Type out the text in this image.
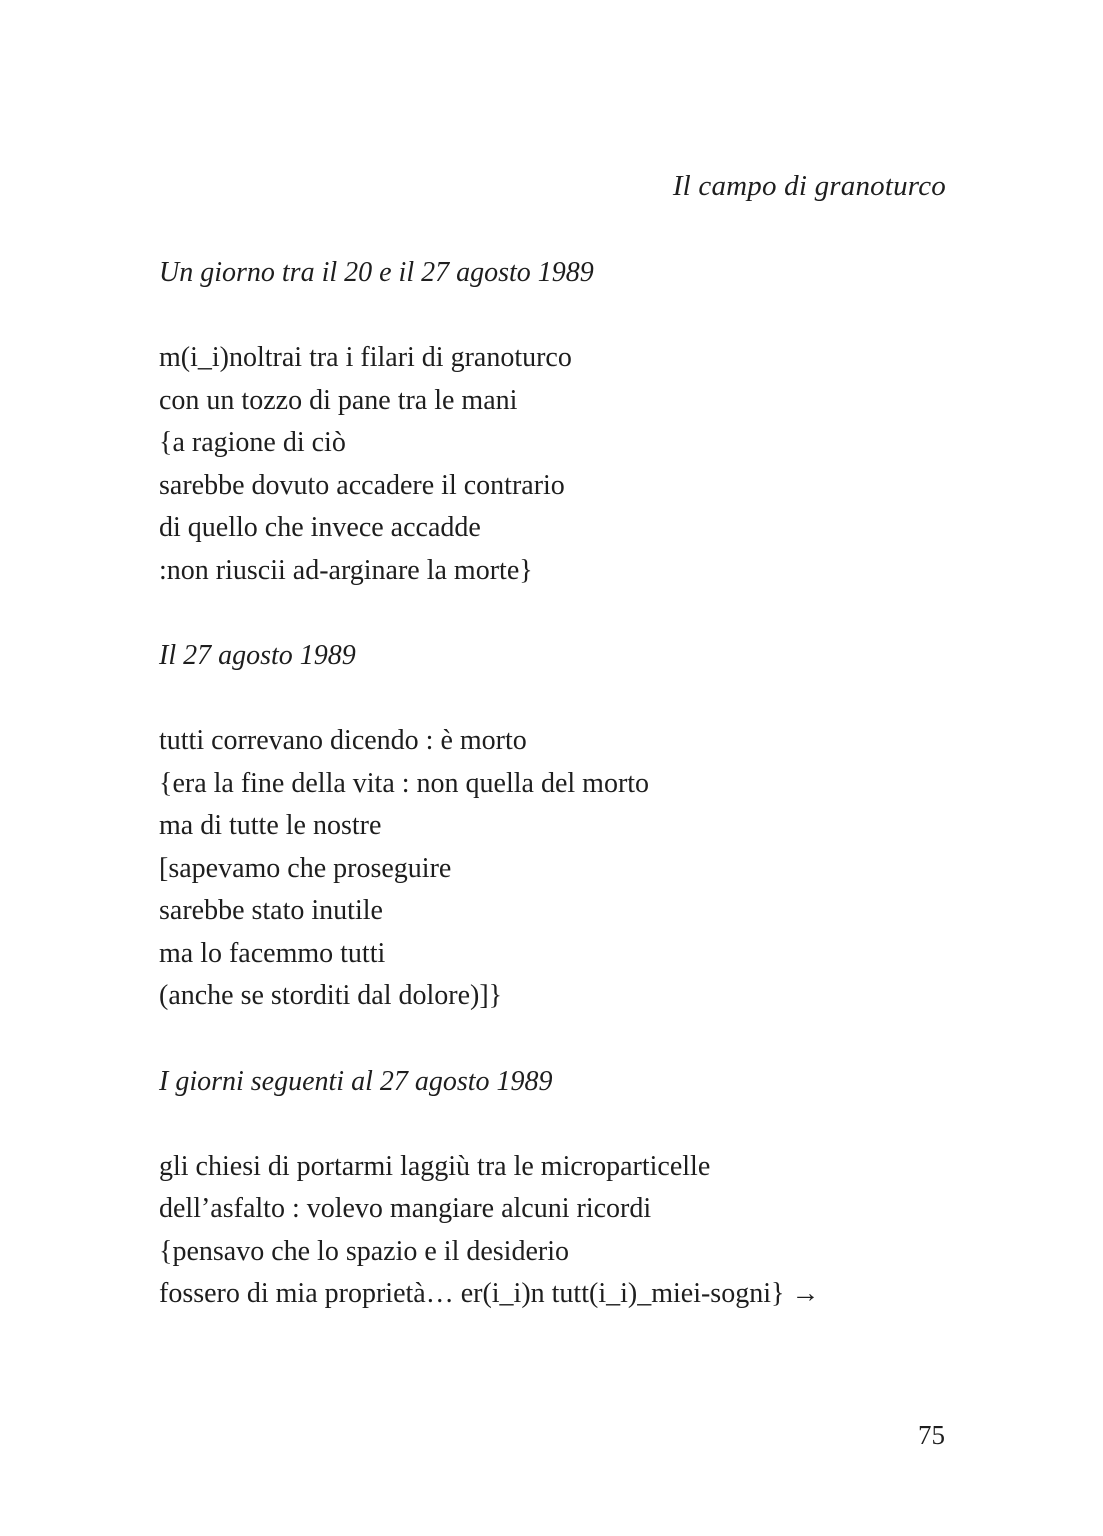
Il campo di granoturco
Un giorno tra il 20 e il 27 agosto 1989
m(i_i)noltrai tra i filari di granoturco
con un tozzo di pane tra le mani
{a ragione di ciò
sarebbe dovuto accadere il contrario
di quello che invece accadde
:non riuscii ad-arginare la morte}
Il 27 agosto 1989
tutti correvano dicendo : è morto
{era la fine della vita : non quella del morto
ma di tutte le nostre
[sapevamo che proseguire
sarebbe stato inutile
ma lo facemmo tutti
(anche se storditi dal dolore)]}
I giorni seguenti al 27 agosto 1989
gli chiesi di portarmi laggiù tra le microparticelle
dell’asfalto : volevo mangiare alcuni ricordi
{pensavo che lo spazio e il desiderio
fossero di mia proprietà… er(i_i)n tutt(i_i)_miei-sogni} →
75
